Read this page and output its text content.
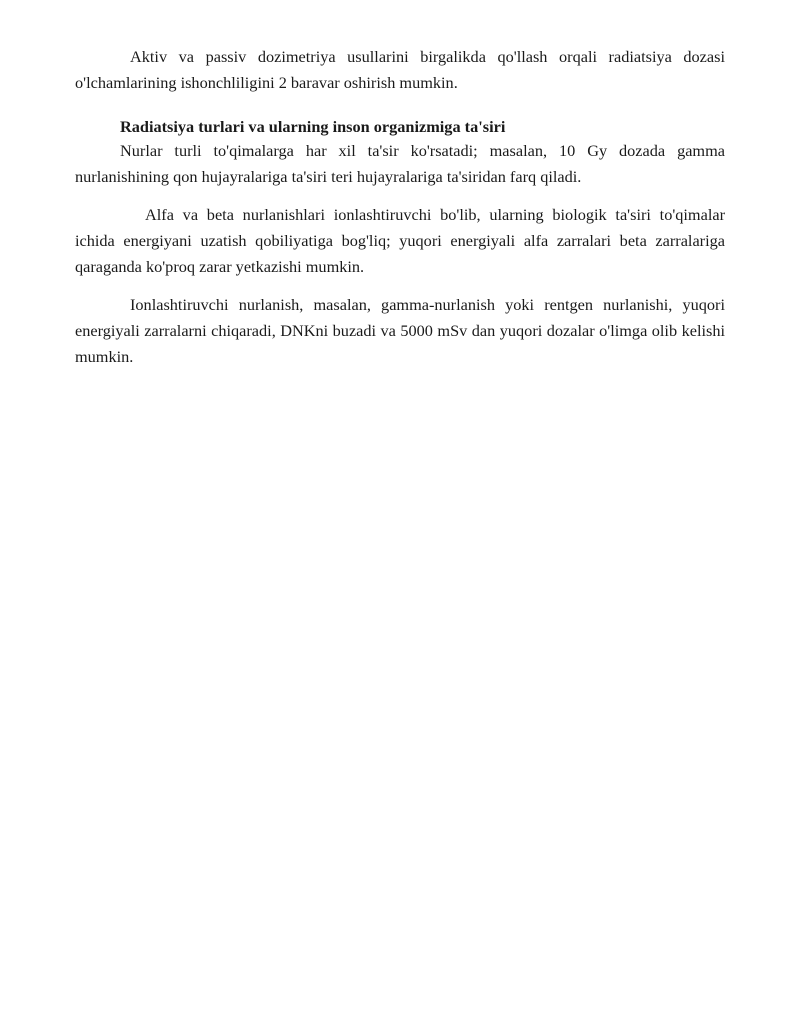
Aktiv va passiv dozimetriya usullarini birgalikda qo'llash orqali radiatsiya dozasi o'lchamlarining ishonchliligini 2 baravar oshirish mumkin.

Radiatsiya turlari va ularning inson organizmiga ta'siri

Nurlar turli to'qimalarga har xil ta'sir ko'rsatadi; masalan, 10 Gy dozada gamma nurlanishining qon hujayralariga ta'siri teri hujayralariga ta'siridan farq qiladi.

Alfa va beta nurlanishlari ionlashtiruvchi bo'lib, ularning biologik ta'siri to'qimalar ichida energiyani uzatish qobiliyatiga bog'liq; yuqori energiyali alfa zarralari beta zarralariga qaraganda ko'proq zarar yetkazishi mumkin.

Ionlashtiruvchi nurlanish, masalan, gamma-nurlanish yoki rentgen nurlanishi, yuqori energiyali zarralarni chiqaradi, DNKni buzadi va 5000 mSv dan yuqori dozalar o'limga olib kelishi mumkin.
